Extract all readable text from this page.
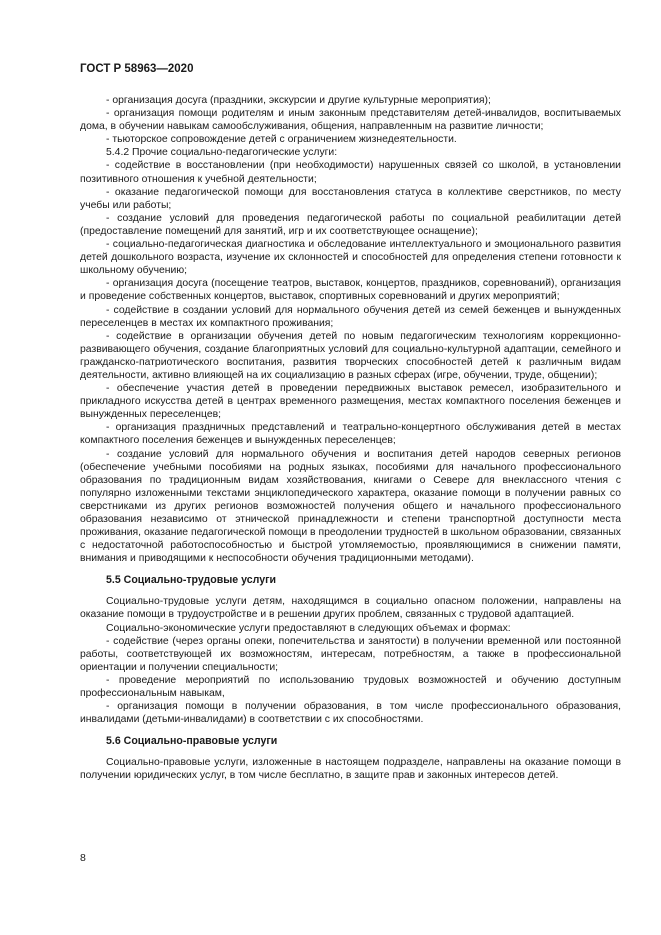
ГОСТ Р 58963—2020

- организация досуга (праздники, экскурсии и другие культурные мероприятия);

- организация помощи родителям и иным законным представителям детей-инвалидов, воспитываемых дома, в обучении навыкам самообслуживания, общения, направленным на развитие личности;

- тьюторское сопровождение детей с ограничением жизнедеятельности.

5.4.2 Прочие социально-педагогические услуги:

- содействие в восстановлении (при необходимости) нарушенных связей со школой, в установлении позитивного отношения к учебной деятельности;

- оказание педагогической помощи для восстановления статуса в коллективе сверстников, по месту учебы или работы;

- создание условий для проведения педагогической работы по социальной реабилитации детей (предоставление помещений для занятий, игр и их соответствующее оснащение);

- социально-педагогическая диагностика и обследование интеллектуального и эмоционального развития детей дошкольного возраста, изучение их склонностей и способностей для определения степени готовности к школьному обучению;

- организация досуга (посещение театров, выставок, концертов, праздников, соревнований), организация и проведение собственных концертов, выставок, спортивных соревнований и других мероприятий;

- содействие в создании условий для нормального обучения детей из семей беженцев и вынужденных переселенцев в местах их компактного проживания;

- содействие в организации обучения детей по новым педагогическим технологиям коррекционно-развивающего обучения, создание благоприятных условий для социально-культурной адаптации, семейного и гражданско-патриотического воспитания, развития творческих способностей детей к различным видам деятельности, активно влияющей на их социализацию в разных сферах (игре, обучении, труде, общении);

- обеспечение участия детей в проведении передвижных выставок ремесел, изобразительного и прикладного искусства детей в центрах временного размещения, местах компактного поселения беженцев и вынужденных переселенцев;

- организация праздничных представлений и театрально-концертного обслуживания детей в местах компактного поселения беженцев и вынужденных переселенцев;

- создание условий для нормального обучения и воспитания детей народов северных регионов (обеспечение учебными пособиями на родных языках, пособиями для начального профессионального образования по традиционным видам хозяйствования, книгами о Севере для внеклассного чтения с популярно изложенными текстами энциклопедического характера, оказание помощи в получении равных со сверстниками из других регионов возможностей получения общего и начального профессионального образования независимо от этнической принадлежности и степени транспортной доступности места проживания, оказание педагогической помощи в преодолении трудностей в школьном образовании, связанных с недостаточной работоспособностью и быстрой утомляемостью, проявляющимися в снижении памяти, внимания и приводящими к неспособности обучения традиционными методами).

5.5 Социально-трудовые услуги

Социально-трудовые услуги детям, находящимся в социально опасном положении, направлены на оказание помощи в трудоустройстве и в решении других проблем, связанных с трудовой адаптацией.

Социально-экономические услуги предоставляют в следующих объемах и формах:

- содействие (через органы опеки, попечительства и занятости) в получении временной или постоянной работы, соответствующей их возможностям, интересам, потребностям, а также в профессиональной ориентации и получении специальности;

- проведение мероприятий по использованию трудовых возможностей и обучению доступным профессиональным навыкам,

- организация помощи в получении образования, в том числе профессионального образования, инвалидами (детьми-инвалидами) в соответствии с их способностями.

5.6 Социально-правовые услуги

Социально-правовые услуги, изложенные в настоящем подразделе, направлены на оказание помощи в получении юридических услуг, в том числе бесплатно, в защите прав и законных интересов детей.

8
